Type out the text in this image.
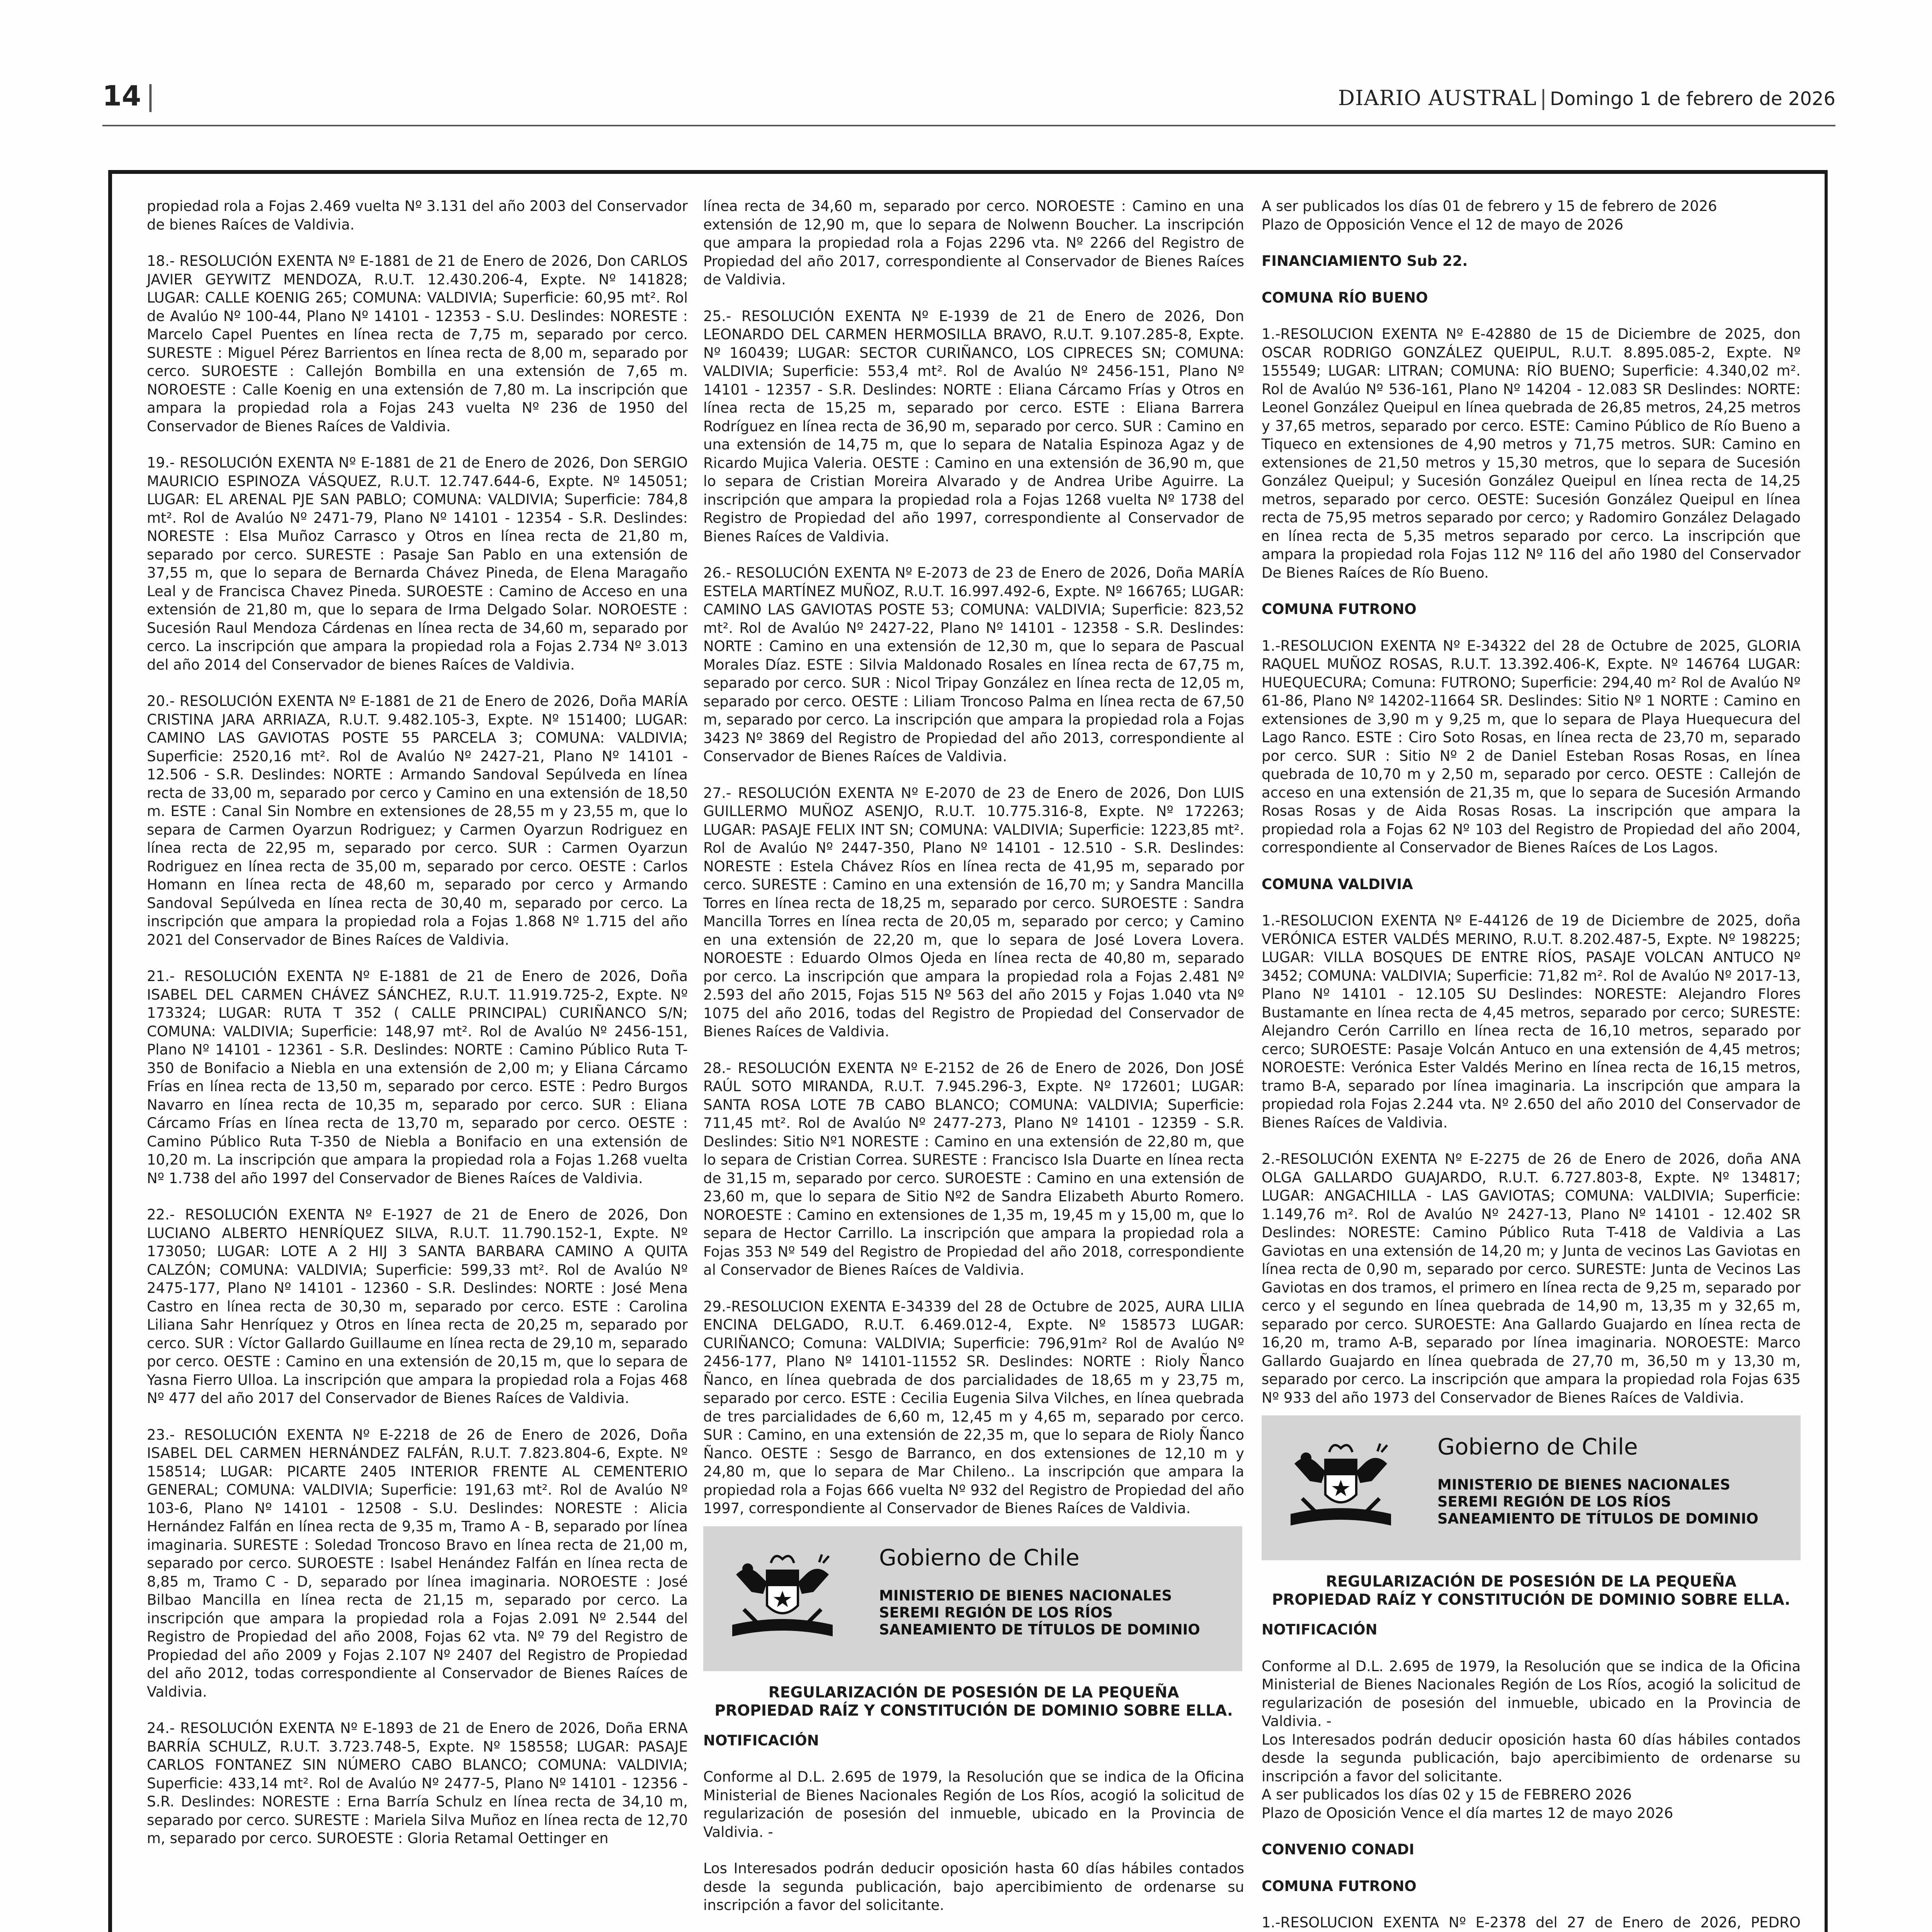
14 |	DIARIO AUSTRAL | Domingo 1 de febrero de 2026

propiedad rola a Fojas 2.469 vuelta Nº 3.131 del año 2003 del Conservador de bienes Raíces de Valdivia.

18.- RESOLUCIÓN EXENTA Nº E-1881 de 21 de Enero de 2026, Don CARLOS JAVIER GEYWITZ MENDOZA, R.U.T. 12.430.206-4, Expte. Nº 141828; LUGAR: CALLE KOENIG 265; COMUNA: VALDIVIA; Superficie: 60,95 mt². Rol de Avalúo Nº 100-44, Plano Nº 14101 - 12353 - S.U. Deslindes: NORESTE : Marcelo Capel Puentes en línea recta de 7,75 m, separado por cerco. SURESTE : Miguel Pérez Barrientos en línea recta de 8,00 m, separado por cerco. SUROESTE : Callejón Bombilla en una extensión de 7,65 m. NOROESTE : Calle Koenig en una extensión de 7,80 m. La inscripción que ampara la propiedad rola a Fojas 243 vuelta Nº 236 de 1950 del Conservador de Bienes Raíces de Valdivia.

19.- RESOLUCIÓN EXENTA Nº E-1881 de 21 de Enero de 2026, Don SERGIO MAURICIO ESPINOZA VÁSQUEZ, R.U.T. 12.747.644-6, Expte. Nº 145051; LUGAR: EL ARENAL PJE SAN PABLO; COMUNA: VALDIVIA; Superficie: 784,8 mt². Rol de Avalúo Nº 2471-79, Plano Nº 14101 - 12354 - S.R. Deslindes: NORESTE : Elsa Muñoz Carrasco y Otros en línea recta de 21,80 m, separado por cerco. SURESTE : Pasaje San Pablo en una extensión de 37,55 m, que lo separa de Bernarda Chávez Pineda, de Elena Maragaño Leal y de Francisca Chavez Pineda. SUROESTE : Camino de Acceso en una extensión de 21,80 m, que lo separa de Irma Delgado Solar. NOROESTE : Sucesión Raul Mendoza Cárdenas en línea recta de 34,60 m, separado por cerco. La inscripción que ampara la propiedad rola a Fojas 2.734 Nº 3.013 del año 2014 del Conservador de bienes Raíces de Valdivia.

20.- RESOLUCIÓN EXENTA Nº E-1881 de 21 de Enero de 2026, Doña MARÍA CRISTINA JARA ARRIAZA, R.U.T. 9.482.105-3, Expte. Nº 151400; LUGAR: CAMINO LAS GAVIOTAS POSTE 55 PARCELA 3; COMUNA: VALDIVIA; Superficie: 2520,16 mt². Rol de Avalúo Nº 2427-21, Plano Nº 14101 - 12.506 - S.R. Deslindes: NORTE : Armando Sandoval Sepúlveda en línea recta de 33,00 m, separado por cerco y Camino en una extensión de 18,50 m. ESTE : Canal Sin Nombre en extensiones de 28,55 m y 23,55 m, que lo separa de Carmen Oyarzun Rodriguez; y Carmen Oyarzun Rodriguez en línea recta de 22,95 m, separado por cerco. SUR : Carmen Oyarzun Rodriguez en línea recta de 35,00 m, separado por cerco. OESTE : Carlos Homann en línea recta de 48,60 m, separado por cerco y Armando Sandoval Sepúlveda en línea recta de 30,40 m, separado por cerco. La inscripción que ampara la propiedad rola a Fojas 1.868 Nº 1.715 del año 2021 del Conservador de Bines Raíces de Valdivia.

21.- RESOLUCIÓN EXENTA Nº E-1881 de 21 de Enero de 2026, Doña ISABEL DEL CARMEN CHÁVEZ SÁNCHEZ, R.U.T. 11.919.725-2, Expte. Nº 173324; LUGAR: RUTA T 352 ( CALLE PRINCIPAL) CURIÑANCO S/N; COMUNA: VALDIVIA; Superficie: 148,97 mt². Rol de Avalúo Nº 2456-151, Plano Nº 14101 - 12361 - S.R. Deslindes: NORTE : Camino Público Ruta T-350 de Bonifacio a Niebla en una extensión de 2,00 m; y Eliana Cárcamo Frías en línea recta de 13,50 m, separado por cerco. ESTE : Pedro Burgos Navarro en línea recta de 10,35 m, separado por cerco. SUR : Eliana Cárcamo Frías en línea recta de 13,70 m, separado por cerco. OESTE : Camino Público Ruta T-350 de Niebla a Bonifacio en una extensión de 10,20 m. La inscripción que ampara la propiedad rola a Fojas 1.268 vuelta Nº 1.738 del año 1997 del Conservador de Bienes Raíces de Valdivia.

22.- RESOLUCIÓN EXENTA Nº E-1927 de 21 de Enero de 2026, Don LUCIANO ALBERTO HENRÍQUEZ SILVA, R.U.T. 11.790.152-1, Expte. Nº 173050; LUGAR: LOTE A 2 HIJ 3 SANTA BARBARA CAMINO A QUITA CALZÓN; COMUNA: VALDIVIA; Superficie: 599,33 mt². Rol de Avalúo Nº 2475-177, Plano Nº 14101 - 12360 - S.R. Deslindes: NORTE : José Mena Castro en línea recta de 30,30 m, separado por cerco. ESTE : Carolina Liliana Sahr Henríquez y Otros en línea recta de 20,25 m, separado por cerco. SUR : Víctor Gallardo Guillaume en línea recta de 29,10 m, separado por cerco. OESTE : Camino en una extensión de 20,15 m, que lo separa de Yasna Fierro Ulloa. La inscripción que ampara la propiedad rola a Fojas 468 Nº 477 del año 2017 del Conservador de Bienes Raíces de Valdivia.

23.- RESOLUCIÓN EXENTA Nº E-2218 de 26 de Enero de 2026, Doña ISABEL DEL CARMEN HERNÁNDEZ FALFÁN, R.U.T. 7.823.804-6, Expte. Nº 158514; LUGAR: PICARTE 2405 INTERIOR FRENTE AL CEMENTERIO GENERAL; COMUNA: VALDIVIA; Superficie: 191,63 mt². Rol de Avalúo Nº 103-6, Plano Nº 14101 - 12508 - S.U. Deslindes: NORESTE : Alicia Hernández Falfán en línea recta de 9,35 m, Tramo A - B, separado por línea imaginaria. SURESTE : Soledad Troncoso Bravo en línea recta de 21,00 m, separado por cerco. SUROESTE : Isabel Henández Falfán en línea recta de 8,85 m, Tramo C - D, separado por línea imaginaria. NOROESTE : José Bilbao Mancilla en línea recta de 21,15 m, separado por cerco. La inscripción que ampara la propiedad rola a Fojas 2.091 Nº 2.544 del Registro de Propiedad del año 2008, Fojas 62 vta. Nº 79 del Registro de Propiedad del año 2009 y Fojas 2.107 Nº 2407 del Registro de Propiedad del año 2012, todas correspondiente al Conservador de Bienes Raíces de Valdivia.

24.- RESOLUCIÓN EXENTA Nº E-1893 de 21 de Enero de 2026, Doña ERNA BARRÍA SCHULZ, R.U.T. 3.723.748-5, Expte. Nº 158558; LUGAR: PASAJE CARLOS FONTANEZ SIN NÚMERO CABO BLANCO; COMUNA: VALDIVIA; Superficie: 433,14 mt². Rol de Avalúo Nº 2477-5, Plano Nº 14101 - 12356 - S.R. Deslindes: NORESTE : Erna Barría Schulz en línea recta de 34,10 m, separado por cerco. SURESTE : Mariela Silva Muñoz en línea recta de 12,70 m, separado por cerco. SUROESTE : Gloria Retamal Oettinger en

línea recta de 34,60 m, separado por cerco. NOROESTE : Camino en una extensión de 12,90 m, que lo separa de Nolwenn Boucher. La inscripción que ampara la propiedad rola a Fojas 2296 vta. Nº 2266 del Registro de Propiedad del año 2017, correspondiente al Conservador de Bienes Raíces de Valdivia.

25.- RESOLUCIÓN EXENTA Nº E-1939 de 21 de Enero de 2026, Don LEONARDO DEL CARMEN HERMOSILLA BRAVO, R.U.T. 9.107.285-8, Expte. Nº 160439; LUGAR: SECTOR CURIÑANCO, LOS CIPRECES SN; COMUNA: VALDIVIA; Superficie: 553,4 mt². Rol de Avalúo Nº 2456-151, Plano Nº 14101 - 12357 - S.R. Deslindes: NORTE : Eliana Cárcamo Frías y Otros en línea recta de 15,25 m, separado por cerco. ESTE : Eliana Barrera Rodríguez en línea recta de 36,90 m, separado por cerco. SUR : Camino en una extensión de 14,75 m, que lo separa de Natalia Espinoza Agaz y de Ricardo Mujica Valeria. OESTE : Camino en una extensión de 36,90 m, que lo separa de Cristian Moreira Alvarado y de Andrea Uribe Aguirre. La inscripción que ampara la propiedad rola a Fojas 1268 vuelta Nº 1738 del Registro de Propiedad del año 1997, correspondiente al Conservador de Bienes Raíces de Valdivia.

26.- RESOLUCIÓN EXENTA Nº E-2073 de 23 de Enero de 2026, Doña MARÍA ESTELA MARTÍNEZ MUÑOZ, R.U.T. 16.997.492-6, Expte. Nº 166765; LUGAR: CAMINO LAS GAVIOTAS POSTE 53; COMUNA: VALDIVIA; Superficie: 823,52 mt². Rol de Avalúo Nº 2427-22, Plano Nº 14101 - 12358 - S.R. Deslindes: NORTE : Camino en una extensión de 12,30 m, que lo separa de Pascual Morales Díaz. ESTE : Silvia Maldonado Rosales en línea recta de 67,75 m, separado por cerco. SUR : Nicol Tripay González en línea recta de 12,05 m, separado por cerco. OESTE : Liliam Troncoso Palma en línea recta de 67,50 m, separado por cerco. La inscripción que ampara la propiedad rola a Fojas 3423 Nº 3869 del Registro de Propiedad del año 2013, correspondiente al Conservador de Bienes Raíces de Valdivia.

27.- RESOLUCIÓN EXENTA Nº E-2070 de 23 de Enero de 2026, Don LUIS GUILLERMO MUÑOZ ASENJO, R.U.T. 10.775.316-8, Expte. Nº 172263; LUGAR: PASAJE FELIX INT SN; COMUNA: VALDIVIA; Superficie: 1223,85 mt². Rol de Avalúo Nº 2447-350, Plano Nº 14101 - 12.510 - S.R. Deslindes: NORESTE : Estela Chávez Ríos en línea recta de 41,95 m, separado por cerco. SURESTE : Camino en una extensión de 16,70 m; y Sandra Mancilla Torres en línea recta de 18,25 m, separado por cerco. SUROESTE : Sandra Mancilla Torres en línea recta de 20,05 m, separado por cerco; y Camino en una extensión de 22,20 m, que lo separa de José Lovera Lovera. NOROESTE : Eduardo Olmos Ojeda en línea recta de 40,80 m, separado por cerco. La inscripción que ampara la propiedad rola a Fojas 2.481 Nº 2.593 del año 2015, Fojas 515 Nº 563 del año 2015 y Fojas 1.040 vta Nº 1075 del año 2016, todas del Registro de Propiedad del Conservador de Bienes Raíces de Valdivia.

28.- RESOLUCIÓN EXENTA Nº E-2152 de 26 de Enero de 2026, Don JOSÉ RAÚL SOTO MIRANDA, R.U.T. 7.945.296-3, Expte. Nº 172601; LUGAR: SANTA ROSA LOTE 7B CABO BLANCO; COMUNA: VALDIVIA; Superficie: 711,45 mt². Rol de Avalúo Nº 2477-273, Plano Nº 14101 - 12359 - S.R. Deslindes: Sitio Nº1 NORESTE : Camino en una extensión de 22,80 m, que lo separa de Cristian Correa. SURESTE : Francisco Isla Duarte en línea recta de 31,15 m, separado por cerco. SUROESTE : Camino en una extensión de 23,60 m, que lo separa de Sitio Nº2 de Sandra Elizabeth Aburto Romero. NOROESTE : Camino en extensiones de 1,35 m, 19,45 m y 15,00 m, que lo separa de Hector Carrillo. La inscripción que ampara la propiedad rola a Fojas 353 Nº 549 del Registro de Propiedad del año 2018, correspondiente al Conservador de Bienes Raíces de Valdivia.

29.-RESOLUCION EXENTA E-34339 del 28 de Octubre de 2025, AURA LILIA ENCINA DELGADO, R.U.T. 6.469.012-4, Expte. Nº 158573 LUGAR: CURIÑANCO; Comuna: VALDIVIA; Superficie: 796,91m² Rol de Avalúo Nº 2456-177, Plano Nº 14101-11552 SR. Deslindes: NORTE : Rioly Ñanco Ñanco, en línea quebrada de dos parcialidades de 18,65 m y 23,75 m, separado por cerco. ESTE : Cecilia Eugenia Silva Vilches, en línea quebrada de tres parcialidades de 6,60 m, 12,45 m y 4,65 m, separado por cerco. SUR : Camino, en una extensión de 22,35 m, que lo separa de Rioly Ñanco Ñanco. OESTE : Sesgo de Barranco, en dos extensiones de 12,10 m y 24,80 m, que lo separa de Mar Chileno.. La inscripción que ampara la propiedad rola a Fojas 666 vuelta Nº 932 del Registro de Propiedad del año 1997, correspondiente al Conservador de Bienes Raíces de Valdivia.

Gobierno de Chile
MINISTERIO DE BIENES NACIONALES
SEREMI REGIÓN DE LOS RÍOS
SANEAMIENTO DE TÍTULOS DE DOMINIO
REGULARIZACIÓN DE POSESIÓN DE LA PEQUEÑA
PROPIEDAD RAÍZ Y CONSTITUCIÓN DE DOMINIO SOBRE ELLA.

NOTIFICACIÓN

Conforme al D.L. 2.695 de 1979, la Resolución que se indica de la Oficina Ministerial de Bienes Nacionales Región de Los Ríos, acogió la solicitud de regularización de posesión del inmueble, ubicado en la Provincia de Valdivia. -

Los Interesados podrán deducir oposición hasta 60 días hábiles contados desde la segunda publicación, bajo apercibimiento de ordenarse su inscripción a favor del solicitante.

A ser publicados los días 01 de febrero y 15 de febrero de 2026

Plazo de Opposición Vence el 12 de mayo de 2026

FINANCIAMIENTO Sub 22.

COMUNA RÍO BUENO

1.-RESOLUCION EXENTA Nº E-42880 de 15 de Diciembre de 2025, don OSCAR RODRIGO GONZÁLEZ QUEIPUL, R.U.T. 8.895.085-2, Expte. Nº 155549; LUGAR: LITRAN; COMUNA: RÍO BUENO; Superficie: 4.340,02 m². Rol de Avalúo Nº 536-161, Plano Nº 14204 - 12.083 SR Deslindes: NORTE: Leonel González Queipul en línea quebrada de 26,85 metros, 24,25 metros y 37,65 metros, separado por cerco. ESTE: Camino Público de Río Bueno a Tiqueco en extensiones de 4,90 metros y 71,75 metros. SUR: Camino en extensiones de 21,50 metros y 15,30 metros, que lo separa de Sucesión González Queipul; y Sucesión González Queipul en línea recta de 14,25 metros, separado por cerco. OESTE: Sucesión González Queipul en línea recta de 75,95 metros separado por cerco; y Radomiro González Delagado en línea recta de 5,35 metros separado por cerco. La inscripción que ampara la propiedad rola Fojas 112 Nº 116 del año 1980 del Conservador De Bienes Raíces de Río Bueno.

COMUNA FUTRONO

1.-RESOLUCION EXENTA Nº E-34322 del 28 de Octubre de 2025, GLORIA RAQUEL MUÑOZ ROSAS, R.U.T. 13.392.406-K, Expte. Nº 146764 LUGAR: HUEQUECURA; Comuna: FUTRONO; Superficie: 294,40 m² Rol de Avalúo Nº 61-86, Plano Nº 14202-11664 SR. Deslindes: Sitio Nº 1 NORTE : Camino en extensiones de 3,90 m y 9,25 m, que lo separa de Playa Huequecura del Lago Ranco. ESTE : Ciro Soto Rosas, en línea recta de 23,70 m, separado por cerco. SUR : Sitio Nº 2 de Daniel Esteban Rosas Rosas, en línea quebrada de 10,70 m y 2,50 m, separado por cerco. OESTE : Callejón de acceso en una extensión de 21,35 m, que lo separa de Sucesión Armando Rosas Rosas y de Aida Rosas Rosas. La inscripción que ampara la propiedad rola a Fojas 62 Nº 103 del Registro de Propiedad del año 2004, correspondiente al Conservador de Bienes Raíces de Los Lagos.

COMUNA VALDIVIA

1.-RESOLUCION EXENTA Nº E-44126 de 19 de Diciembre de 2025, doña VERÓNICA ESTER VALDÉS MERINO, R.U.T. 8.202.487-5, Expte. Nº 198225; LUGAR: VILLA BOSQUES DE ENTRE RÍOS, PASAJE VOLCAN ANTUCO Nº 3452; COMUNA: VALDIVIA; Superficie: 71,82 m². Rol de Avalúo Nº 2017-13, Plano Nº 14101 - 12.105 SU Deslindes: NORESTE: Alejandro Flores Bustamante en línea recta de 4,45 metros, separado por cerco; SURESTE: Alejandro Cerón Carrillo en línea recta de 16,10 metros, separado por cerco; SUROESTE: Pasaje Volcán Antuco en una extensión de 4,45 metros; NOROESTE: Verónica Ester Valdés Merino en línea recta de 16,15 metros, tramo B-A, separado por línea imaginaria. La inscripción que ampara la propiedad rola Fojas 2.244 vta. Nº 2.650 del año 2010 del Conservador de Bienes Raíces de Valdivia.

2.-RESOLUCIÓN EXENTA Nº E-2275 de 26 de Enero de 2026, doña ANA OLGA GALLARDO GUAJARDO, R.U.T. 6.727.803-8, Expte. Nº 134817; LUGAR: ANGACHILLA - LAS GAVIOTAS; COMUNA: VALDIVIA; Superficie: 1.149,76 m². Rol de Avalúo Nº 2427-13, Plano Nº 14101 - 12.402 SR Deslindes: NORESTE: Camino Público Ruta T-418 de Valdivia a Las Gaviotas en una extensión de 14,20 m; y Junta de vecinos Las Gaviotas en línea recta de 0,90 m, separado por cerco. SURESTE: Junta de Vecinos Las Gaviotas en dos tramos, el primero en línea recta de 9,25 m, separado por cerco y el segundo en línea quebrada de 14,90 m, 13,35 m y 32,65 m, separado por cerco. SUROESTE: Ana Gallardo Guajardo en línea recta de 16,20 m, tramo A-B, separado por línea imaginaria. NOROESTE: Marco Gallardo Guajardo en línea quebrada de 27,70 m, 36,50 m y 13,30 m, separado por cerco. La inscripción que ampara la propiedad rola Fojas 635 Nº 933 del año 1973 del Conservador de Bienes Raíces de Valdivia.

Gobierno de Chile
MINISTERIO DE BIENES NACIONALES
SEREMI REGIÓN DE LOS RÍOS
SANEAMIENTO DE TÍTULOS DE DOMINIO
REGULARIZACIÓN DE POSESIÓN DE LA PEQUEÑA
PROPIEDAD RAÍZ Y CONSTITUCIÓN DE DOMINIO SOBRE ELLA.

NOTIFICACIÓN

Conforme al D.L. 2.695 de 1979, la Resolución que se indica de la Oficina Ministerial de Bienes Nacionales Región de Los Ríos, acogió la solicitud de regularización de posesión del inmueble, ubicado en la Provincia de Valdivia. -

Los Interesados podrán deducir oposición hasta 60 días hábiles contados desde la segunda publicación, bajo apercibimiento de ordenarse su inscripción a favor del solicitante.

A ser publicados los días 02 y 15 de FEBRERO 2026

Plazo de Oposición Vence el día martes 12 de mayo 2026

CONVENIO CONADI

COMUNA FUTRONO

1.-RESOLUCION EXENTA Nº E-2378 del 27 de Enero de 2026, PEDRO
